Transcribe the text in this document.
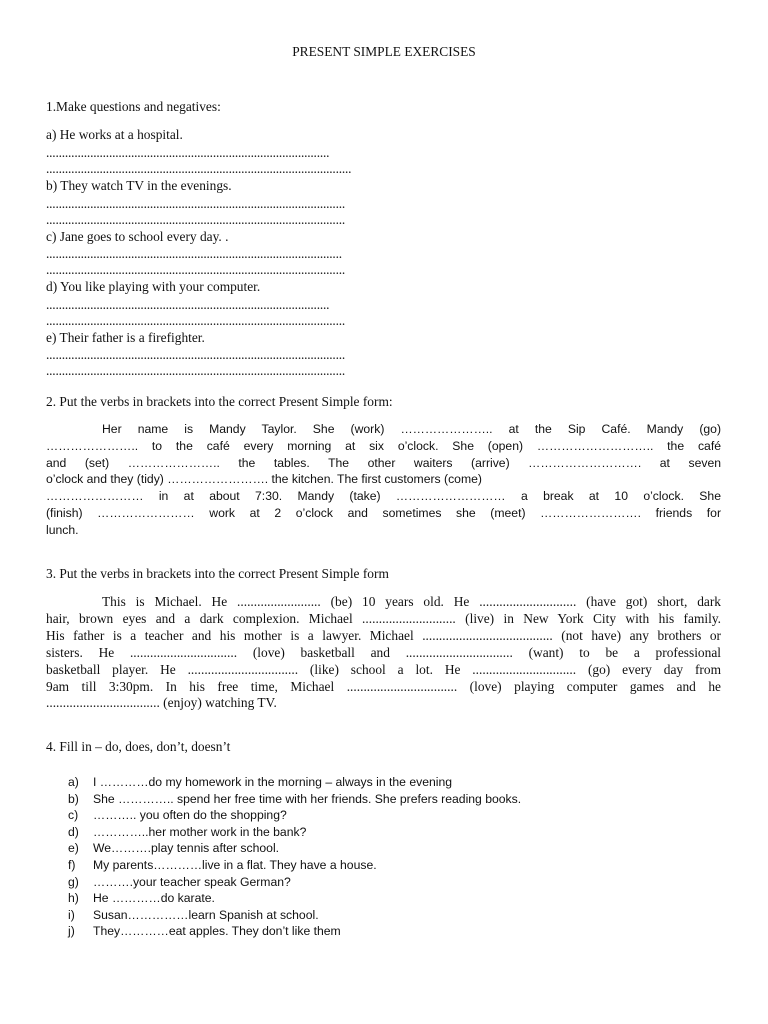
PRESENT SIMPLE EXERCISES
1.Make questions and negatives:
a) He works at a hospital.
..........................................................................................
.................................................................................................
b) They watch TV in the evenings.
...............................................................................................
...............................................................................................
c) Jane goes to school every day. .
..............................................................................................
...............................................................................................
d) You like playing with your computer.
..........................................................................................
...............................................................................................
e) Their father is a firefighter.
...............................................................................................
...............................................................................................
2. Put the verbs in brackets into the correct Present Simple form:
Her name is Mandy Taylor. She (work) ………………….. at the Sip Café. Mandy (go)
………………….. to the café every morning at six o’clock. She (open) ……………………….. the café
and (set) ………………….. the tables. The other waiters (arrive) ………………………. at seven
o’clock and they (tidy) ……………………. the kitchen. The first customers (come)
…………………… in at about 7:30. Mandy (take) ……………………… a break at 10 o’clock. She
(finish) …………………… work at 2 o’clock and sometimes she (meet) ……………………. friends for
lunch.
3. Put the verbs in brackets into the correct Present Simple form
This is Michael. He ......................... (be) 10 years old. He ............................. (have got) short, dark
hair, brown eyes and a dark complexion. Michael ............................ (live) in New York City with his family.
His father is a teacher and his mother is a lawyer. Michael ....................................... (not have) any brothers or
sisters. He ................................ (love) basketball and ................................ (want) to be a professional
basketball player. He ................................. (like) school a lot. He ............................... (go) every day from
9am till 3:30pm. In his free time, Michael ................................. (love) playing computer games and he
.................................. (enjoy) watching TV.
4. Fill in – do, does, don’t, doesn’t
a) I …………do my homework in the morning – always in the evening
b) She ………….. spend her free time with her friends. She prefers reading books.
c) ……….. you often do the shopping?
d) …………..her mother work in the bank?
e) We……….play tennis after school.
f) My parents…………live in a flat. They have a house.
g) ……….your teacher speak German?
h) He …………do karate.
i) Susan……………learn Spanish at school.
j) They…………eat apples. They don’t like them
